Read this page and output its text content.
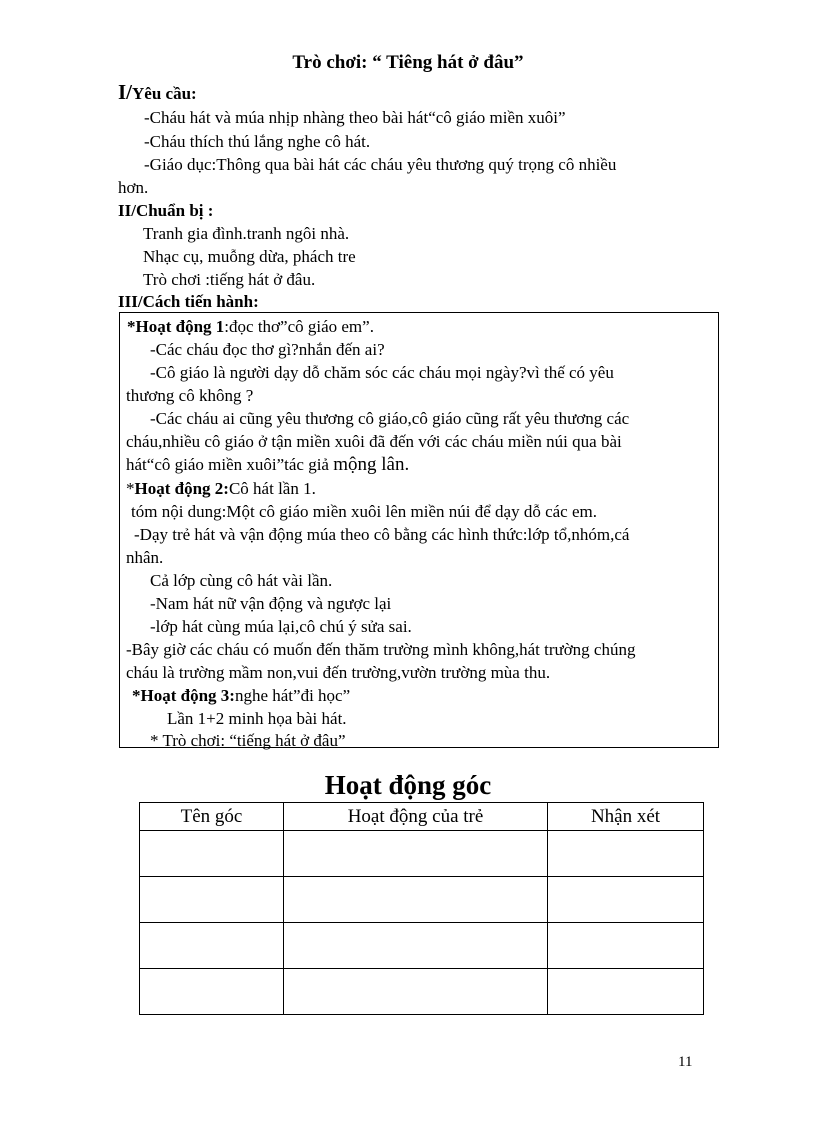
Trò chơi: “ Tiêng hát ở đâu”
I/Yêu cầu:
-Cháu hát và múa nhịp nhàng theo bài hát“cô giáo miền xuôi”
-Cháu thích thú lắng nghe cô hát.
-Giáo dục:Thông qua bài hát các cháu yêu thương quý trọng cô nhiều
hơn.
II/Chuẩn bị :
Tranh gia đình.tranh ngôi nhà.
Nhạc cụ, muỗng dừa, phách tre
Trò chơi :tiếng hát ở đâu.
III/Cách tiến hành:
*Hoạt động 1:đọc thơ”cô giáo em”.
-Các cháu đọc thơ gì?nhắn đến ai?
-Cô giáo là người dạy dỗ chăm sóc các cháu mọi ngày?vì thế có yêu
thương cô không ?
-Các cháu ai cũng yêu thương cô giáo,cô giáo cũng rất yêu thương các
cháu,nhiều cô giáo ở tận miền xuôi đã đến với các cháu miền núi qua bài
hát“cô giáo miền xuôi”tác giả mộng lân.
*Hoạt động 2:Cô hát lần 1.
tóm nội dung:Một cô giáo miền xuôi lên miền núi để dạy dỗ các em.
-Dạy trẻ hát và vận động múa theo cô bằng các hình thức:lớp tổ,nhóm,cá
nhân.
Cả lớp cùng cô hát vài lần.
-Nam hát nữ vận động và ngược lại
-lớp hát cùng múa lại,cô chú ý sửa sai.
-Bây giờ các cháu có muốn đến thăm trường mình không,hát trường chúng
cháu là trường mầm non,vui đến trường,vườn trường mùa thu.
*Hoạt động 3:nghe hát”đi học”
Lần 1+2 minh họa bài hát.
* Trò chơi: “tiếng hát ở đâu”
Hoạt động góc
Tên góc	Hoạt động của trẻ	Nhận xét

11
